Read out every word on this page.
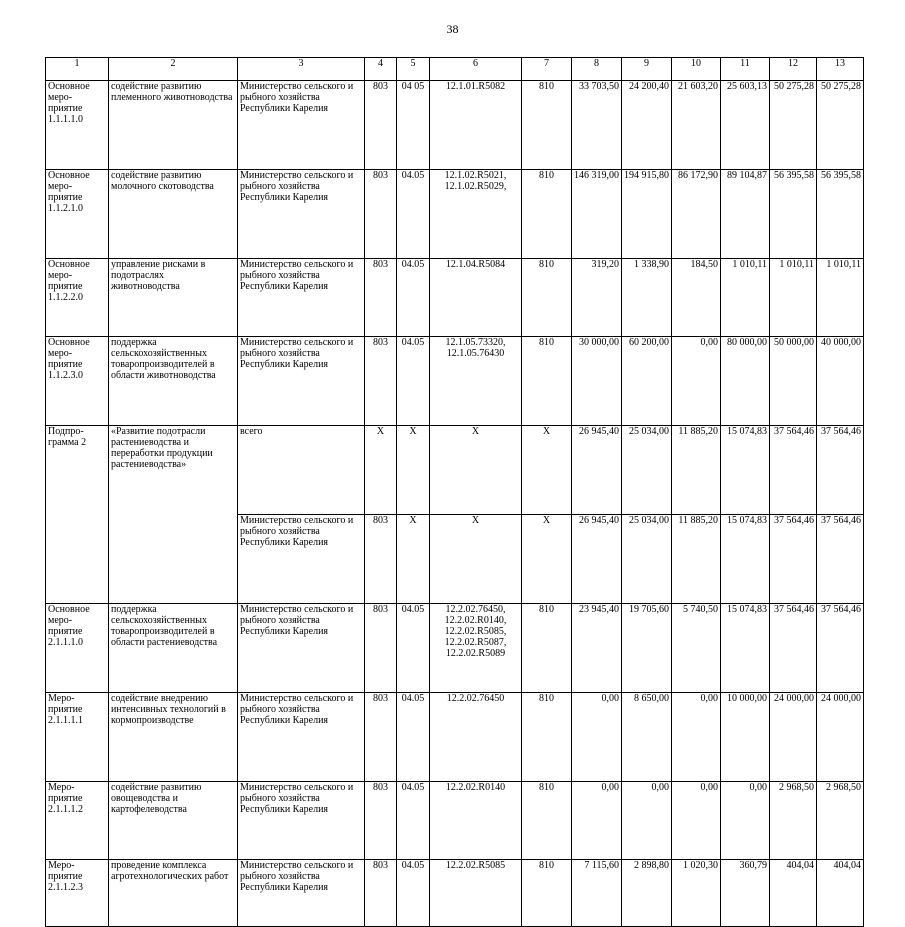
38
1	2	3	4	5	6	7	8	9	10	11	12	13	
Основное меро-приятие 1.1.1.1.0	содействие развитию племенного животноводства	Министерство сельского и рыбного хозяйства Республики Карелия	803	04 05	12.1.01.R5082	810	33 703,50	24 200,40	21 603,20	25 603,13	50 275,28	50 275,28	
Основное меро-приятие 1.1.2.1.0	содействие развитию молочного скотоводства	Министерство сельского и рыбного хозяйства Республики Карелия	803	04.05	12.1.02.R5021, 12.1.02.R5029,	810	146 319,00	194 915,80	86 172,90	89 104,87	56 395,58	56 395,58	
Основное меро-приятие 1.1.2.2.0	управление рисками в подотраслях животноводства	Министерство сельского и рыбного хозяйства Республики Карелия	803	04.05	12.1.04.R5084	810	319,20	1 338,90	184,50	1 010,11	1 010,11	1 010,11	
Основное меро-приятие 1.1.2.3.0	поддержка сельскохозяйственных товаропроизводителей в области животноводства	Министерство сельского и рыбного хозяйства Республики Карелия	803	04.05	12.1.05.73320, 12.1.05.76430	810	30 000,00	60 200,00	0,00	80 000,00	50 000,00	40 000,00	
Подпро-грамма 2	«Развитие подотрасли растениеводства и переработки продукции растениеводства»	всего	X	X	X	X	26 945,40	25 034,00	11 885,20	15 074,83	37 564,46	37 564,46	
		Министерство сельского и рыбного хозяйства Республики Карелия	803	X	X	X	26 945,40	25 034,00	11 885,20	15 074,83	37 564,46	37 564,46	
Основное меро-приятие 2.1.1.1.0	поддержка сельскохозяйственных товаропроизводителей в области растениеводства	Министерство сельского и рыбного хозяйства Республики Карелия	803	04.05	12.2.02.76450, 12.2.02.R0140, 12.2.02.R5085, 12.2.02.R5087, 12.2.02.R5089	810	23 945,40	19 705,60	5 740,50	15 074,83	37 564,46	37 564,46	
Меро-приятие 2.1.1.1.1	содействие внедрению интенсивных технологий в кормопроизводстве	Министерство сельского и рыбного хозяйства Республики Карелия	803	04.05	12.2.02.76450	810	0,00	8 650,00	0,00	10 000,00	24 000,00	24 000,00	
Меро-приятие 2.1.1.1.2	содействие развитию овощеводства и картофелеводства	Министерство сельского и рыбного хозяйства Республики Карелия	803	04.05	12.2.02.R0140	810	0,00	0,00	0,00	0,00	2 968,50	2 968,50	
Меро-приятие 2.1.1.2.3	проведение комплекса агротехнологических работ	Министерство сельского и рыбного хозяйства Республики Карелия	803	04.05	12.2.02.R5085	810	7 115,60	2 898,80	1 020,30	360,79	404,04	404,04	
